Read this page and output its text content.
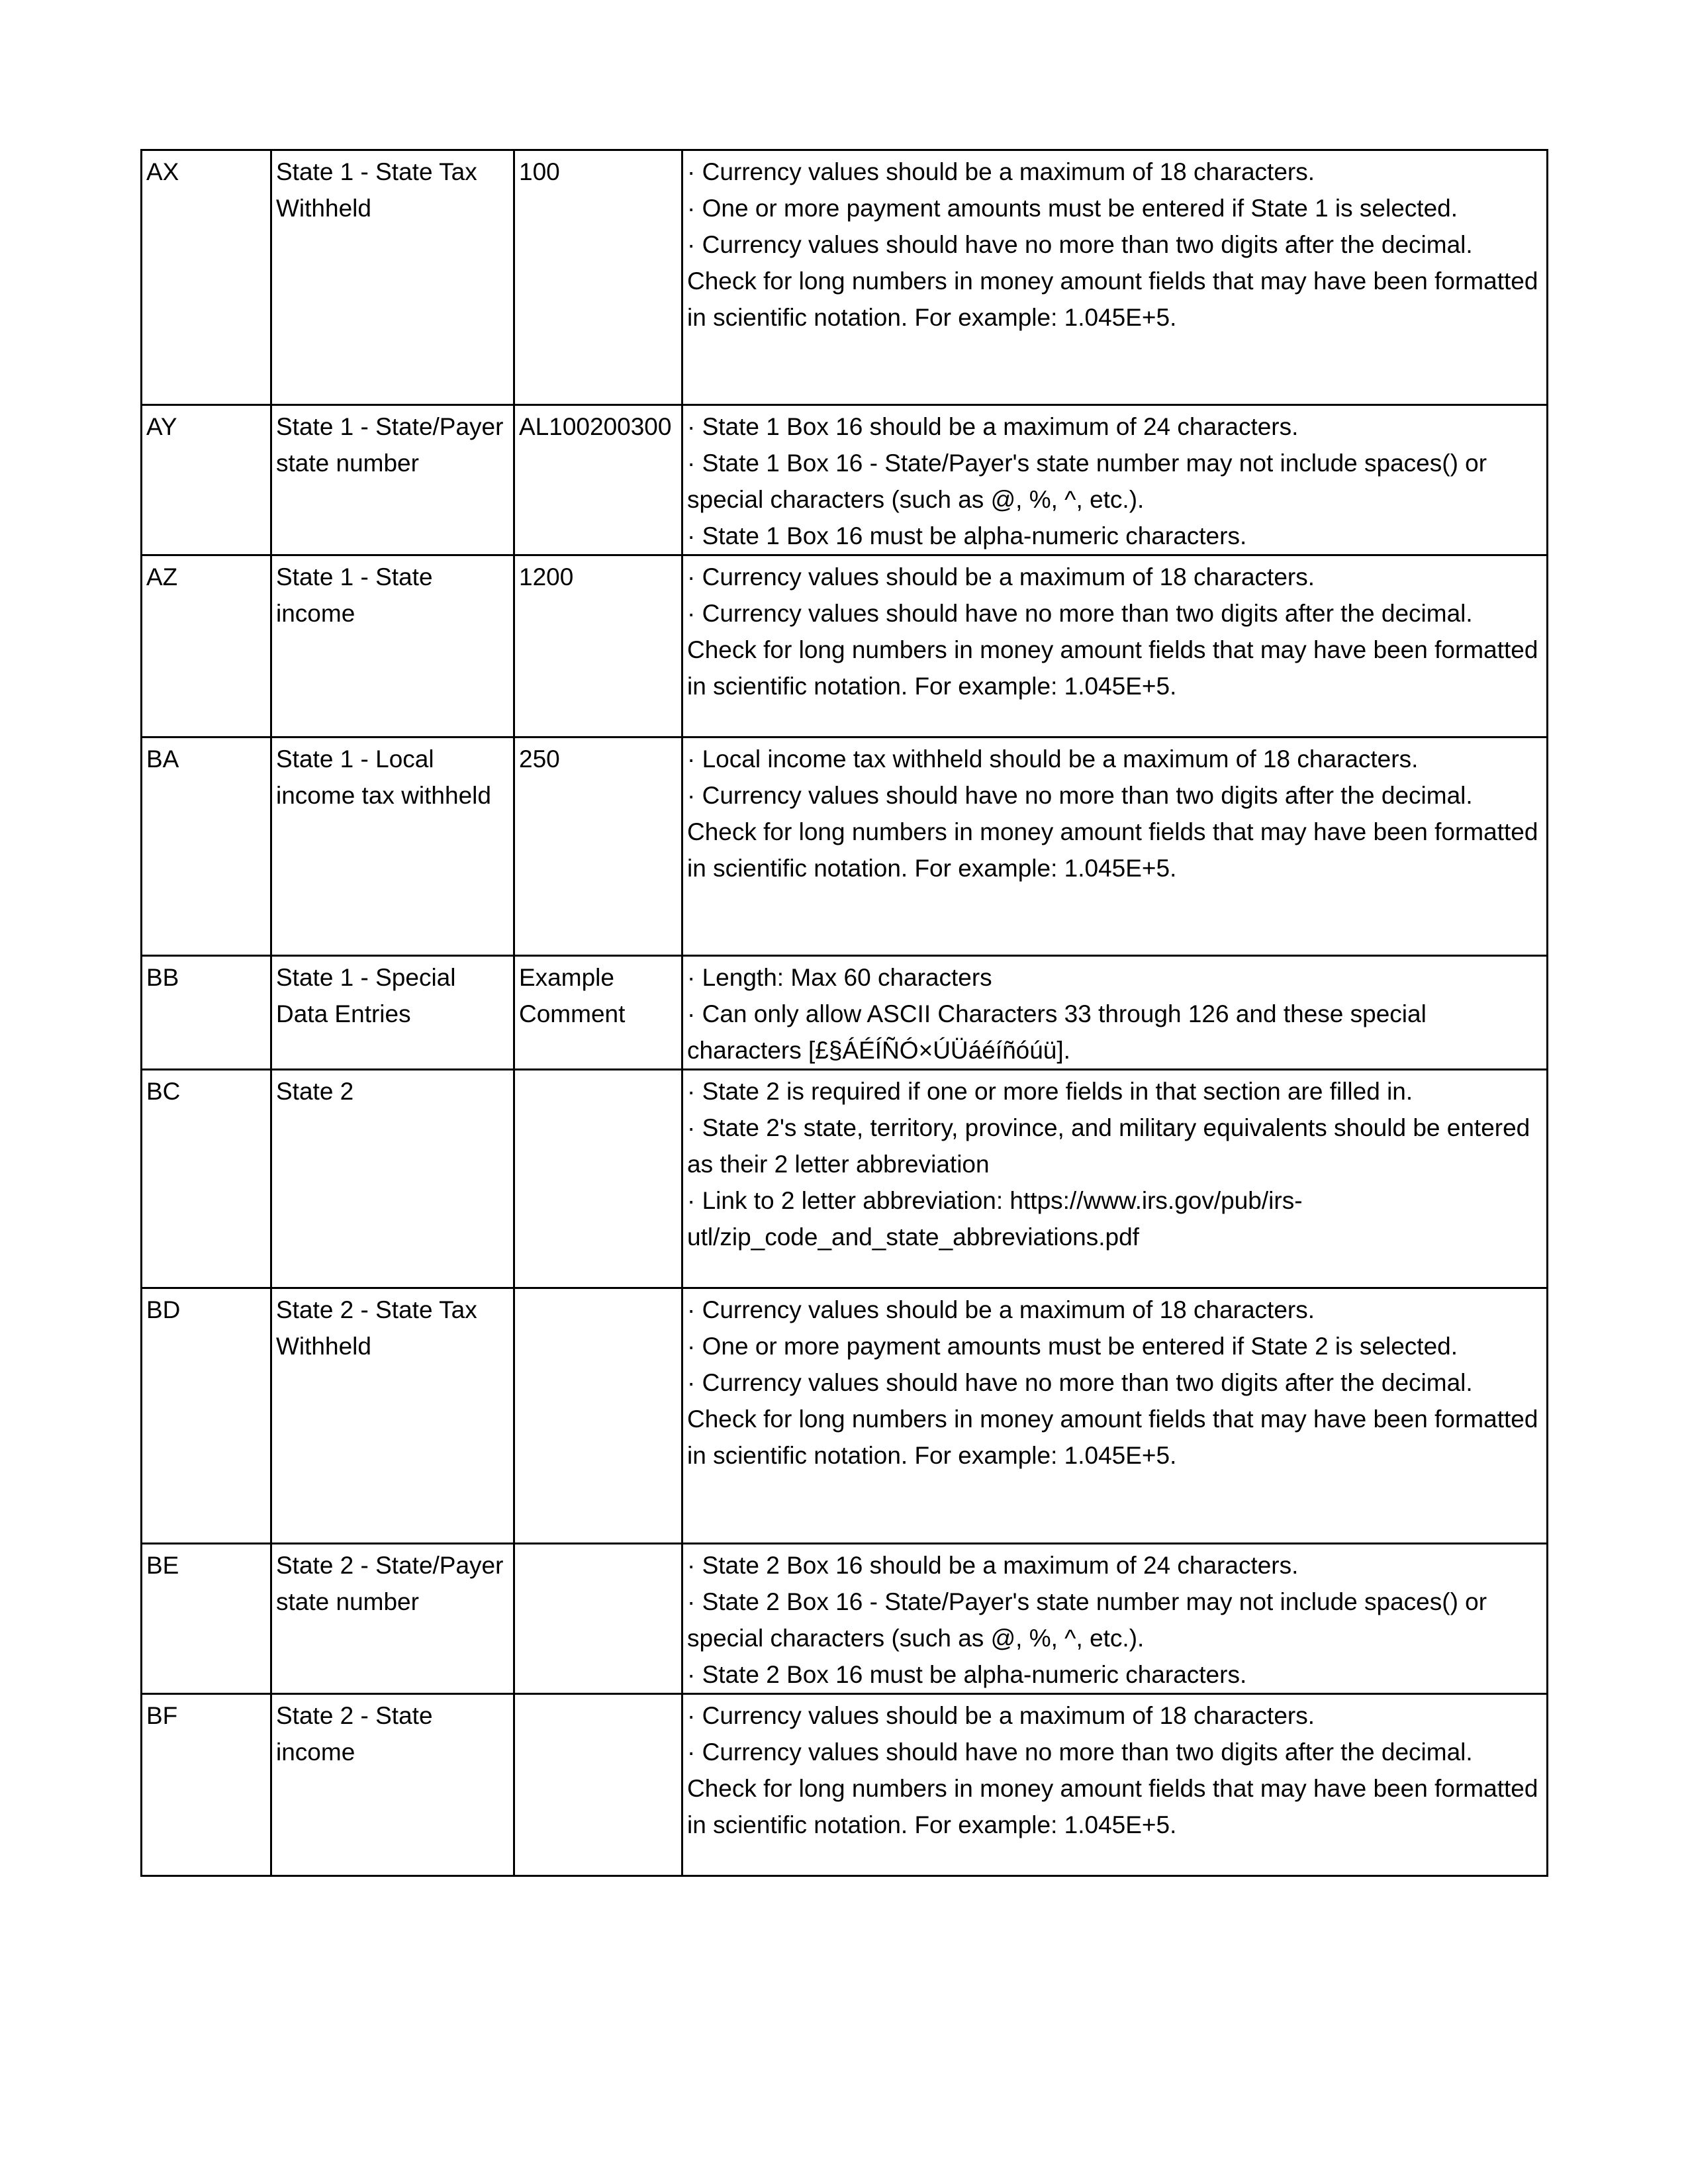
AX	State 1 - State Tax Withheld	100	· Currency values should be a maximum of 18 characters.
· One or more payment amounts must be entered if State 1 is selected.
· Currency values should have no more than two digits after the decimal. Check for long numbers in money amount fields that may have been formatted in scientific notation. For example: 1.045E+5.
AY	State 1 - State/Payer state number	AL100200300	· State 1 Box 16 should be a maximum of 24 characters.
· State 1 Box 16 - State/Payer's state number may not include spaces() or special characters (such as @, %, ^, etc.).
· State 1 Box 16 must be alpha-numeric characters.
AZ	State 1 - State income	1200	· Currency values should be a maximum of 18 characters.
· Currency values should have no more than two digits after the decimal. Check for long numbers in money amount fields that may have been formatted in scientific notation. For example: 1.045E+5.
BA	State 1 - Local income tax withheld	250	· Local income tax withheld should be a maximum of 18 characters.
· Currency values should have no more than two digits after the decimal. Check for long numbers in money amount fields that may have been formatted in scientific notation. For example: 1.045E+5.
BB	State 1 - Special Data Entries	Example Comment	· Length: Max 60 characters
· Can only allow ASCII Characters 33 through 126 and these special characters [£§ÁÉÍÑÓ×ÚÜáéíñóúü].
BC	State 2		· State 2 is required if one or more fields in that section are filled in.
· State 2's state, territory, province, and military equivalents should be entered as their 2 letter abbreviation
· Link to 2 letter abbreviation: https://www.irs.gov/pub/irs-utl/zip_code_and_state_abbreviations.pdf
BD	State 2 - State Tax Withheld		· Currency values should be a maximum of 18 characters.
· One or more payment amounts must be entered if State 2 is selected.
· Currency values should have no more than two digits after the decimal. Check for long numbers in money amount fields that may have been formatted in scientific notation. For example: 1.045E+5.
BE	State 2 - State/Payer state number		· State 2 Box 16 should be a maximum of 24 characters.
· State 2 Box 16 - State/Payer's state number may not include spaces() or special characters (such as @, %, ^, etc.).
· State 2 Box 16 must be alpha-numeric characters.
BF	State 2 - State income		· Currency values should be a maximum of 18 characters.
· Currency values should have no more than two digits after the decimal. Check for long numbers in money amount fields that may have been formatted in scientific notation. For example: 1.045E+5.
